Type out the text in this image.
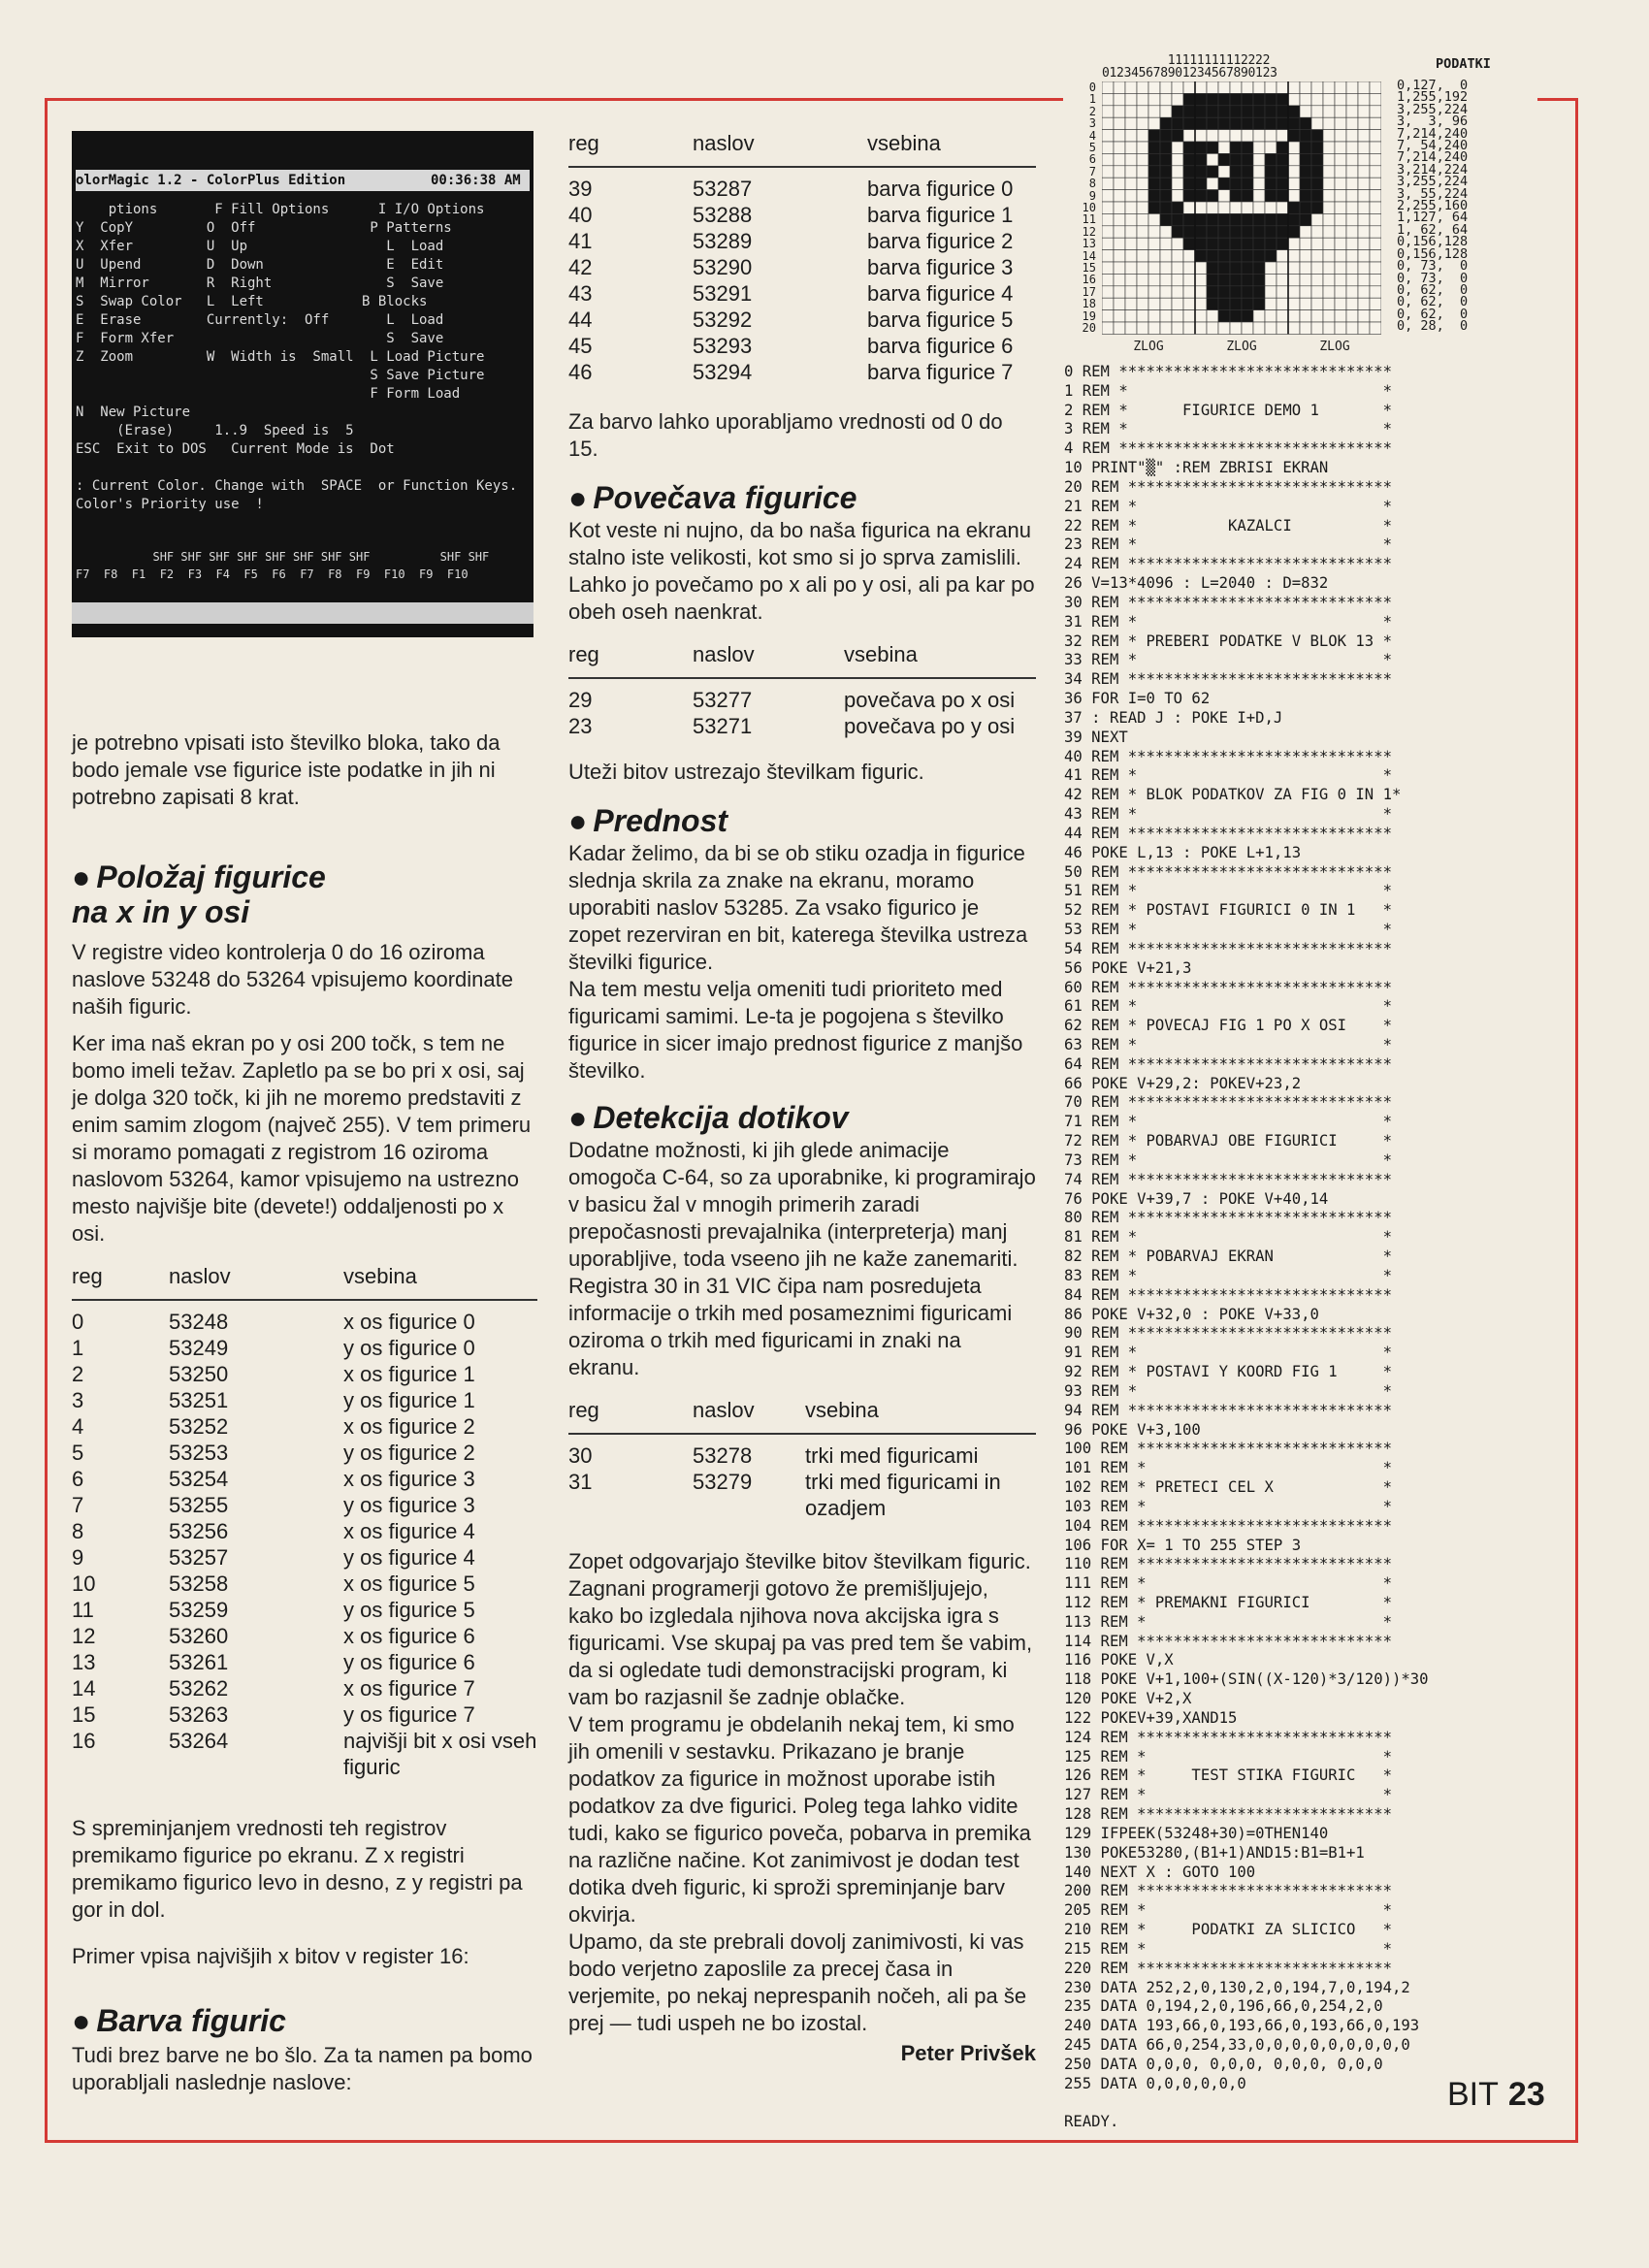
olorMagic 1.2 - ColorPlus Edition	00:36:38 AM
ptions       F Fill Options      I I/O Options
Y  CopY         O  Off              P Patterns
X  Xfer         U  Up                 L  Load
U  Upend        D  Down               E  Edit
M  Mirror       R  Right              S  Save
S  Swap Color   L  Left            B Blocks
E  Erase        Currently:  Off       L  Load
F  Form Xfer                          S  Save
Z  Zoom         W  Width is  Small  L Load Picture
S Save Picture
F Form Load
N  New Picture
(Erase)     1..9  Speed is  5
ESC  Exit to DOS   Current Mode is  Dot
: Current Color. Change with  SPACE  or Function Keys.
Color's Priority use  !
SHF SHF SHF SHF SHF SHF SHF SHF          SHF SHF
F7  F8  F1  F2  F3  F4  F5  F6  F7  F8  F9  F10  F9  F10

je potrebno vpisati isto številko bloka, tako da bodo jemale vse figurice iste podatke in jih ni potrebno zapisati 8 krat.

● Položaj figurice
na x in y osi

V registre video kontrolerja 0 do 16 oziroma naslove 53248 do 53264 vpisujemo koordinate naših figuric.

Ker ima naš ekran po y osi 200 točk, s tem ne bomo imeli težav. Zapletlo pa se bo pri x osi, saj je dolga 320 točk, ki jih ne moremo predstaviti z enim samim zlogom (največ 255). V tem primeru si moramo pomagati z registrom 16 oziroma naslovom 53264, kamor vpisujemo na ustrezno mesto najvišje bite (devete!) oddaljenosti po x osi.

reg	naslov	vsebina
0	53248	x os figurice 0
1	53249	y os figurice 0
2	53250	x os figurice 1
3	53251	y os figurice 1
4	53252	x os figurice 2
5	53253	y os figurice 2
6	53254	x os figurice 3
7	53255	y os figurice 3
8	53256	x os figurice 4
9	53257	y os figurice 4
10	53258	x os figurice 5
11	53259	y os figurice 5
12	53260	x os figurice 6
13	53261	y os figurice 6
14	53262	x os figurice 7
15	53263	y os figurice 7
16	53264	najvišji bit x osi vseh figuric

S spreminjanjem vrednosti teh registrov premikamo figurice po ekranu. Z x registri premikamo figurico levo in desno, z y registri pa gor in dol.

Primer vpisa najvišjih x bitov v register 16:

● Barva figuric

Tudi brez barve ne bo šlo. Za ta namen pa bomo uporabljali naslednje naslove:

reg	naslov	vsebina
39	53287	barva figurice 0
40	53288	barva figurice 1
41	53289	barva figurice 2
42	53290	barva figurice 3
43	53291	barva figurice 4
44	53292	barva figurice 5
45	53293	barva figurice 6
46	53294	barva figurice 7

Za barvo lahko uporabljamo vrednosti od 0 do 15.

● Povečava figurice

Kot veste ni nujno, da bo naša figurica na ekranu stalno iste velikosti, kot smo si jo sprva zamislili. Lahko jo povečamo po x ali po y osi, ali pa kar po obeh oseh naenkrat.

reg	naslov	vsebina
29	53277	povečava po x osi
23	53271	povečava po y osi

Uteži bitov ustrezajo številkam figuric.

● Prednost

Kadar želimo, da bi se ob stiku ozadja in figurice slednja skrila za znake na ekranu, moramo uporabiti naslov 53285. Za vsako figurico je zopet rezerviran en bit, katerega številka ustreza številki figurice.

Na tem mestu velja omeniti tudi prioriteto med figuricami samimi. Le-ta je pogojena s številko figurice in sicer imajo prednost figurice z manjšo številko.

● Detekcija dotikov

Dodatne možnosti, ki jih glede animacije omogoča C-64, so za uporabnike, ki programirajo v basicu žal v mnogih primerih zaradi prepočasnosti prevajalnika (interpreterja) manj uporabljive, toda vseeno jih ne kaže zanemariti.

Registra 30 in 31 VIC čipa nam posredujeta informacije o trkih med posameznimi figuricami oziroma o trkih med figuricami in znaki na ekranu.

reg	naslov	vsebina
30	53278	trki med figuricami
31	53279	trki med figuricami in ozadjem

Zopet odgovarjajo številke bitov številkam figuric.

Zagnani programerji gotovo že premišljujejo, kako bo izgledala njihova nova akcijska igra s figuricami. Vse skupaj pa vas pred tem še vabim, da si ogledate tudi demonstracijski program, ki vam bo razjasnil še zadnje oblačke.

V tem programu je obdelanih nekaj tem, ki smo jih omenili v sestavku. Prikazano je branje podatkov za figurice in možnost uporabe istih podatkov za dve figurici. Poleg tega lahko vidite tudi, kako se figurico poveča, pobarva in premika na različne načine. Kot zanimivost je dodan test dotika dveh figuric, ki sproži spreminjanje barv okvirja.

Upamo, da ste prebrali dovolj zanimivosti, ki vas bodo verjetno zaposlile za precej časa in verjemite, po nekaj neprespanih nočeh, ali pa še prej — tudi uspeh ne bo izostal.

Peter Privšek
11111111112222
012345678901234567890123
0
1
2
3
4
5
6
7
8
9
10
11
12
13
14
15
16
17
18
19
20
ZLOG	ZLOG	ZLOG
PODATKI
0,127,  0
1,255,192
3,255,224
3,  3, 96
7,214,240
7, 54,240
7,214,240
3,214,224
3,255,224
3, 55,224
2,255,160
1,127, 64
1, 62, 64
0,156,128
0,156,128
0, 73,  0
0, 73,  0
0, 62,  0
0, 62,  0
0, 62,  0
0, 28,  0
0 REM ******************************
1 REM *                            *
2 REM *      FIGURICE DEMO 1       *
3 REM *                            *
4 REM ******************************
10 PRINT"▒" :REM ZBRISI EKRAN
20 REM *****************************
21 REM *                           *
22 REM *          KAZALCI          *
23 REM *                           *
24 REM *****************************
26 V=13*4096 : L=2040 : D=832
30 REM *****************************
31 REM *                           *
32 REM * PREBERI PODATKE V BLOK 13 *
33 REM *                           *
34 REM *****************************
36 FOR I=0 TO 62
37 : READ J : POKE I+D,J
39 NEXT
40 REM *****************************
41 REM *                           *
42 REM * BLOK PODATKOV ZA FIG 0 IN 1*
43 REM *                           *
44 REM *****************************
46 POKE L,13 : POKE L+1,13
50 REM *****************************
51 REM *                           *
52 REM * POSTAVI FIGURICI 0 IN 1   *
53 REM *                           *
54 REM *****************************
56 POKE V+21,3
60 REM *****************************
61 REM *                           *
62 REM * POVECAJ FIG 1 PO X OSI    *
63 REM *                           *
64 REM *****************************
66 POKE V+29,2: POKEV+23,2
70 REM *****************************
71 REM *                           *
72 REM * POBARVAJ OBE FIGURICI     *
73 REM *                           *
74 REM *****************************
76 POKE V+39,7 : POKE V+40,14
80 REM *****************************
81 REM *                           *
82 REM * POBARVAJ EKRAN            *
83 REM *                           *
84 REM *****************************
86 POKE V+32,0 : POKE V+33,0
90 REM *****************************
91 REM *                           *
92 REM * POSTAVI Y KOORD FIG 1     *
93 REM *                           *
94 REM *****************************
96 POKE V+3,100
100 REM ****************************
101 REM *                          *
102 REM * PRETECI CEL X            *
103 REM *                          *
104 REM ****************************
106 FOR X= 1 TO 255 STEP 3
110 REM ****************************
111 REM *                          *
112 REM * PREMAKNI FIGURICI        *
113 REM *                          *
114 REM ****************************
116 POKE V,X
118 POKE V+1,100+(SIN((X-120)*3/120))*30
120 POKE V+2,X
122 POKEV+39,XAND15
124 REM ****************************
125 REM *                          *
126 REM *     TEST STIKA FIGURIC   *
127 REM *                          *
128 REM ****************************
129 IFPEEK(53248+30)=0THEN140
130 POKE53280,(B1+1)AND15:B1=B1+1
140 NEXT X : GOTO 100
200 REM ****************************
205 REM *                          *
210 REM *     PODATKI ZA SLICICO   *
215 REM *                          *
220 REM ****************************
230 DATA 252,2,0,130,2,0,194,7,0,194,2
235 DATA 0,194,2,0,196,66,0,254,2,0
240 DATA 193,66,0,193,66,0,193,66,0,193
245 DATA 66,0,254,33,0,0,0,0,0,0,0,0,0
250 DATA 0,0,0, 0,0,0, 0,0,0, 0,0,0
255 DATA 0,0,0,0,0,0
READY.
BIT 23
